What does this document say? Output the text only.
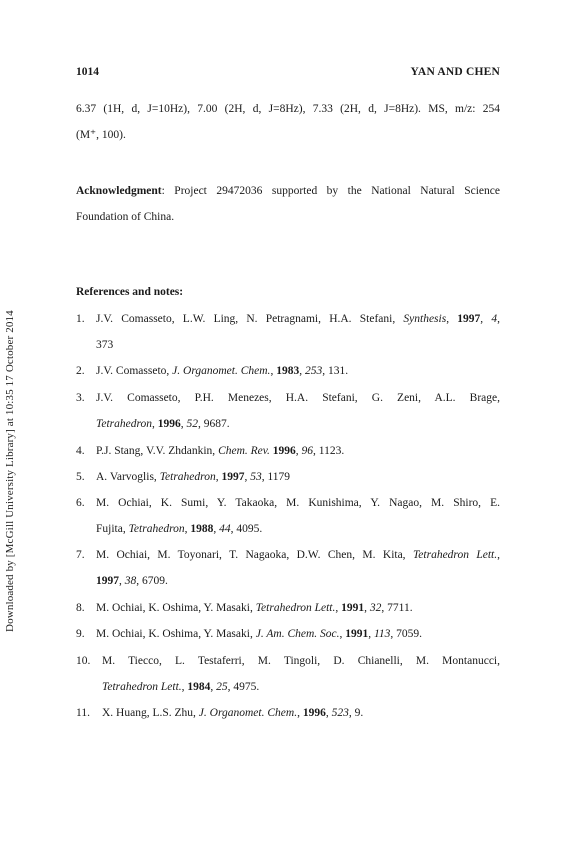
Downloaded by [McGill University Library] at 10:35 17 October 2014
1014	YAN AND CHEN
6.37 (1H, d, J=10Hz), 7.00 (2H, d, J=8Hz), 7.33 (2H, d, J=8Hz). MS, m/z: 254
(M⁺, 100).
Acknowledgment: Project 29472036 supported by the National Natural Science
Foundation of China.
References and notes:
1. J.V. Comasseto, L.W. Ling, N. Petragnami, H.A. Stefani, Synthesis, 1997, 4,
373
2. J.V. Comasseto, J. Organomet. Chem., 1983, 253, 131.
3. J.V. Comasseto, P.H. Menezes, H.A. Stefani, G. Zeni, A.L. Brage,
Tetrahedron, 1996, 52, 9687.
4. P.J. Stang, V.V. Zhdankin, Chem. Rev. 1996, 96, 1123.
5. A. Varvoglis, Tetrahedron, 1997, 53, 1179
6. M. Ochiai, K. Sumi, Y. Takaoka, M. Kunishima, Y. Nagao, M. Shiro, E.
Fujita, Tetrahedron, 1988, 44, 4095.
7. M. Ochiai, M. Toyonari, T. Nagaoka, D.W. Chen, M. Kita, Tetrahedron Lett.,
1997, 38, 6709.
8. M. Ochiai, K. Oshima, Y. Masaki, Tetrahedron Lett., 1991, 32, 7711.
9. M. Ochiai, K. Oshima, Y. Masaki, J. Am. Chem. Soc., 1991, 113, 7059.
10. M. Tiecco, L. Testaferri, M. Tingoli, D. Chianelli, M. Montanucci,
Tetrahedron Lett., 1984, 25, 4975.
11. X. Huang, L.S. Zhu, J. Organomet. Chem., 1996, 523, 9.
